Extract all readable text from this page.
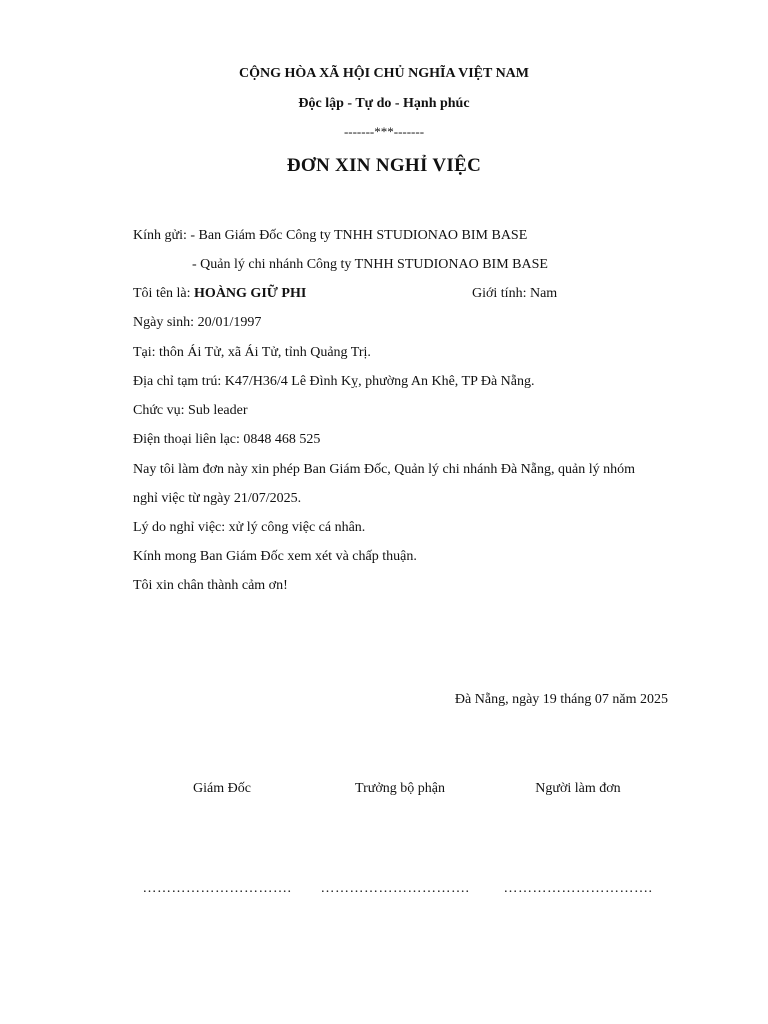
CỘNG HÒA XÃ HỘI CHỦ NGHĨA VIỆT NAM
Độc lập - Tự do - Hạnh phúc
-------***-------
ĐƠN XIN NGHỈ VIỆC
Kính gửi: - Ban Giám Đốc Công ty TNHH STUDIONAO BIM BASE
- Quản lý chi nhánh Công ty TNHH STUDIONAO BIM BASE
Tôi tên là: HOÀNG GIỮ PHI	Giới tính: Nam
Ngày sinh: 20/01/1997
Tại: thôn Ái Tử, xã Ái Tử, tỉnh Quảng Trị.
Địa chỉ tạm trú: K47/H36/4 Lê Đình Kỵ, phường An Khê, TP Đà Nẵng.
Chức vụ: Sub leader
Điện thoại liên lạc: 0848 468 525
Nay tôi làm đơn này xin phép Ban Giám Đốc, Quản lý chi nhánh Đà Nẵng, quản lý nhóm
nghỉ việc từ ngày 21/07/2025.
Lý do nghỉ việc: xử lý công việc cá nhân.
Kính mong Ban Giám Đốc xem xét và chấp thuận.
Tôi xin chân thành cảm ơn!
Đà Nẵng, ngày 19 tháng 07 năm 2025
Giám Đốc	Trưởng bộ phận	Người làm đơn
………………………….	………………………….	………………………….
